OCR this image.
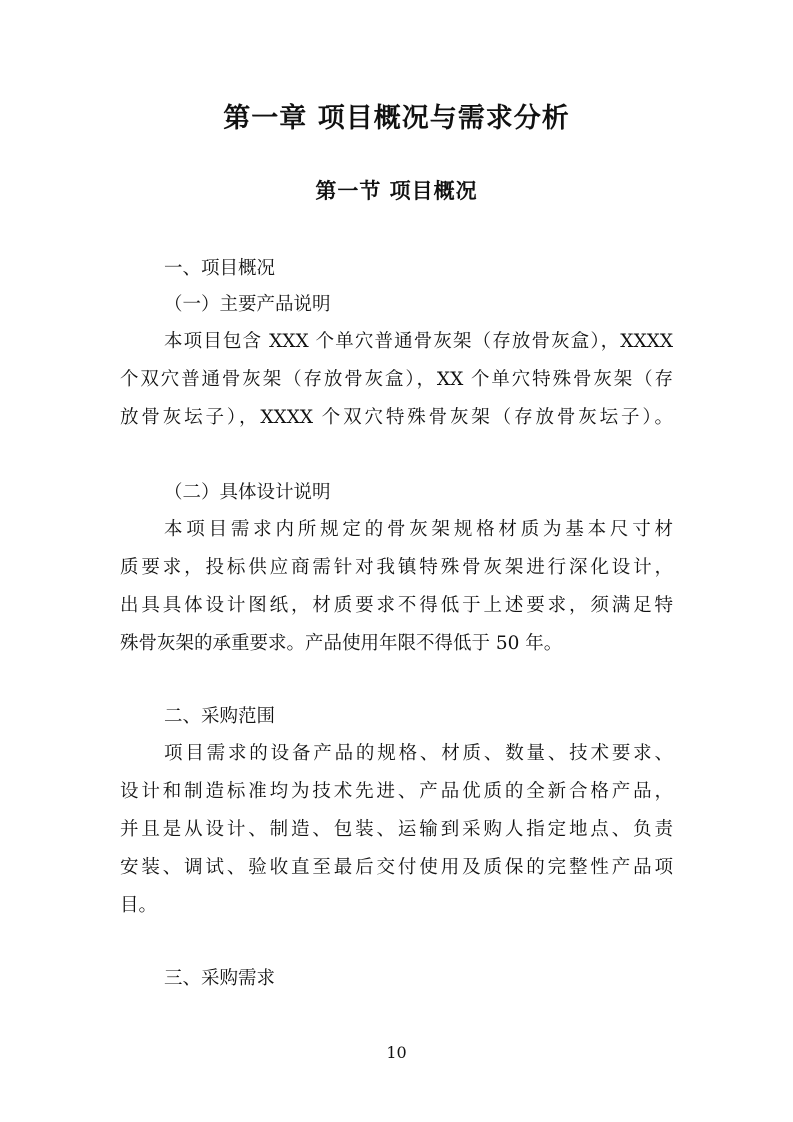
第一章 项目概况与需求分析
第一节 项目概况

一、项目概况

（一）主要产品说明

本项目包含 XXX 个单穴普通骨灰架（存放骨灰盒），XXXX

个双穴普通骨灰架（存放骨灰盒），XX 个单穴特殊骨灰架（存

放骨灰坛子），XXXX 个双穴特殊骨灰架（存放骨灰坛子）。

（二）具体设计说明

本项目需求内所规定的骨灰架规格材质为基本尺寸材

质要求，投标供应商需针对我镇特殊骨灰架进行深化设计，

出具具体设计图纸，材质要求不得低于上述要求，须满足特

殊骨灰架的承重要求。产品使用年限不得低于 50 年。

二、采购范围

项目需求的设备产品的规格、材质、数量、技术要求、

设计和制造标准均为技术先进、产品优质的全新合格产品，

并且是从设计、制造、包装、运输到采购人指定地点、负责

安装、调试、验收直至最后交付使用及质保的完整性产品项

目。

三、采购需求

10
